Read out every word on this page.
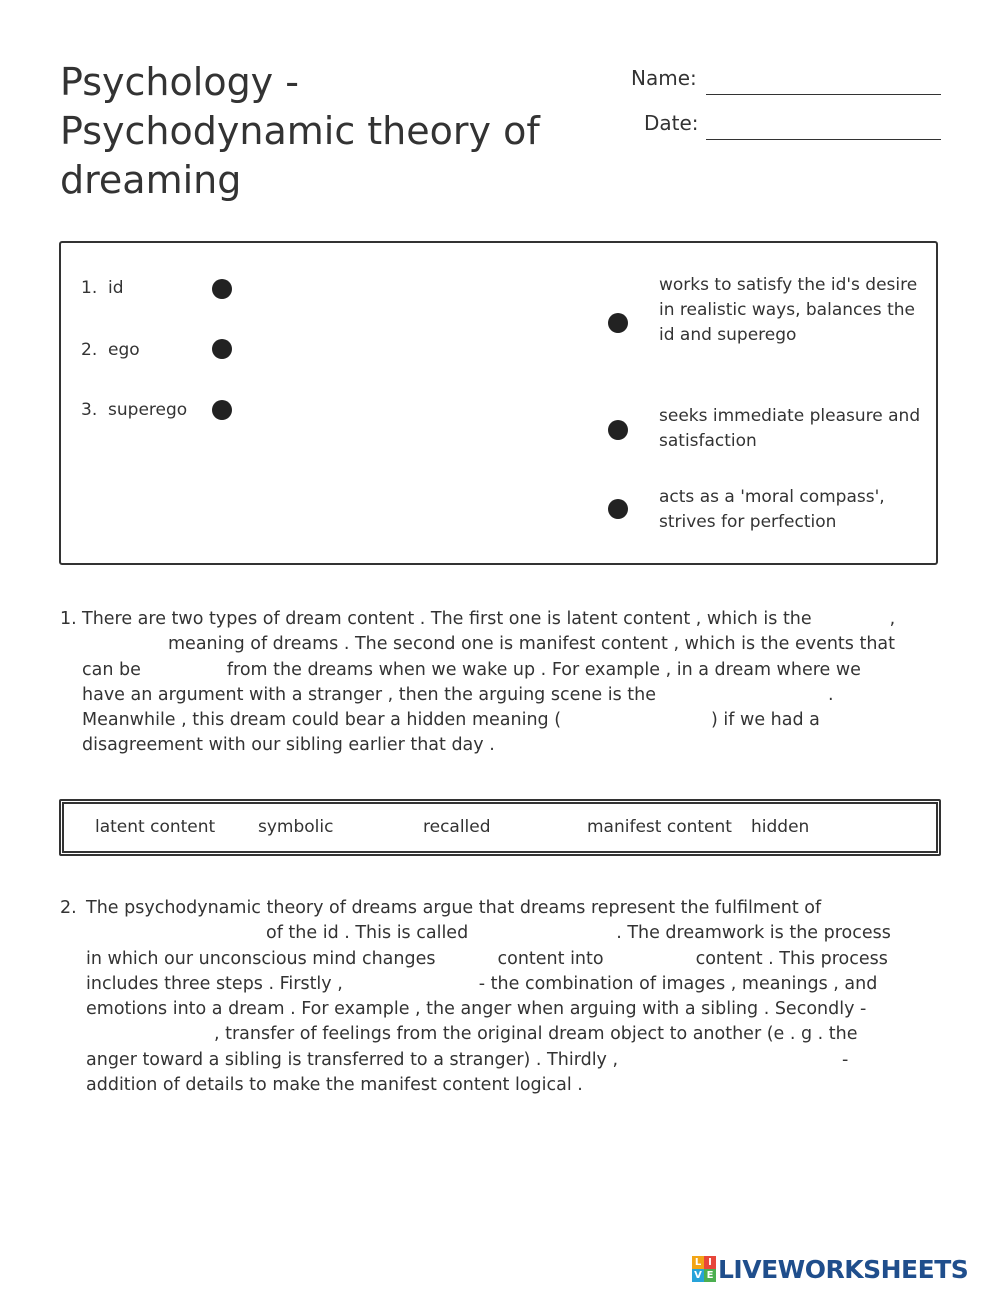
Psychology - Psychodynamic theory of dreaming
Name:
Date:
1. id
2. ego
3. superego
works to satisfy the id's desire in realistic ways, balances the id and superego
seeks immediate pleasure and satisfaction
acts as a 'moral compass', strives for perfection
1. There are two types of dream content . The first one is latent content , which is the	,
meaning of dreams . The second one is manifest content , which is the events that
can be	from the dreams when we wake up . For example , in a dream where we
have an argument with a stranger , then the arguing scene is the	.
Meanwhile , this dream could bear a hidden meaning (	) if we had a
disagreement with our sibling earlier that day .
latent content	symbolic	recalled	manifest content hidden
2. The psychodynamic theory of dreams argue that dreams represent the fulfilment of
of the id . This is called	. The dreamwork is the process
in which our unconscious mind changes	content into	content . This process
includes three steps . Firstly ,	- the combination of images , meanings , and
emotions into a dream . For example , the anger when arguing with a sibling . Secondly -
, transfer of feelings from the original dream object to another (e . g . the
anger toward a sibling is transferred to a stranger) . Thirdly ,	-
addition of details to make the manifest content logical .
L I
V E LIVEWORKSHEETS
